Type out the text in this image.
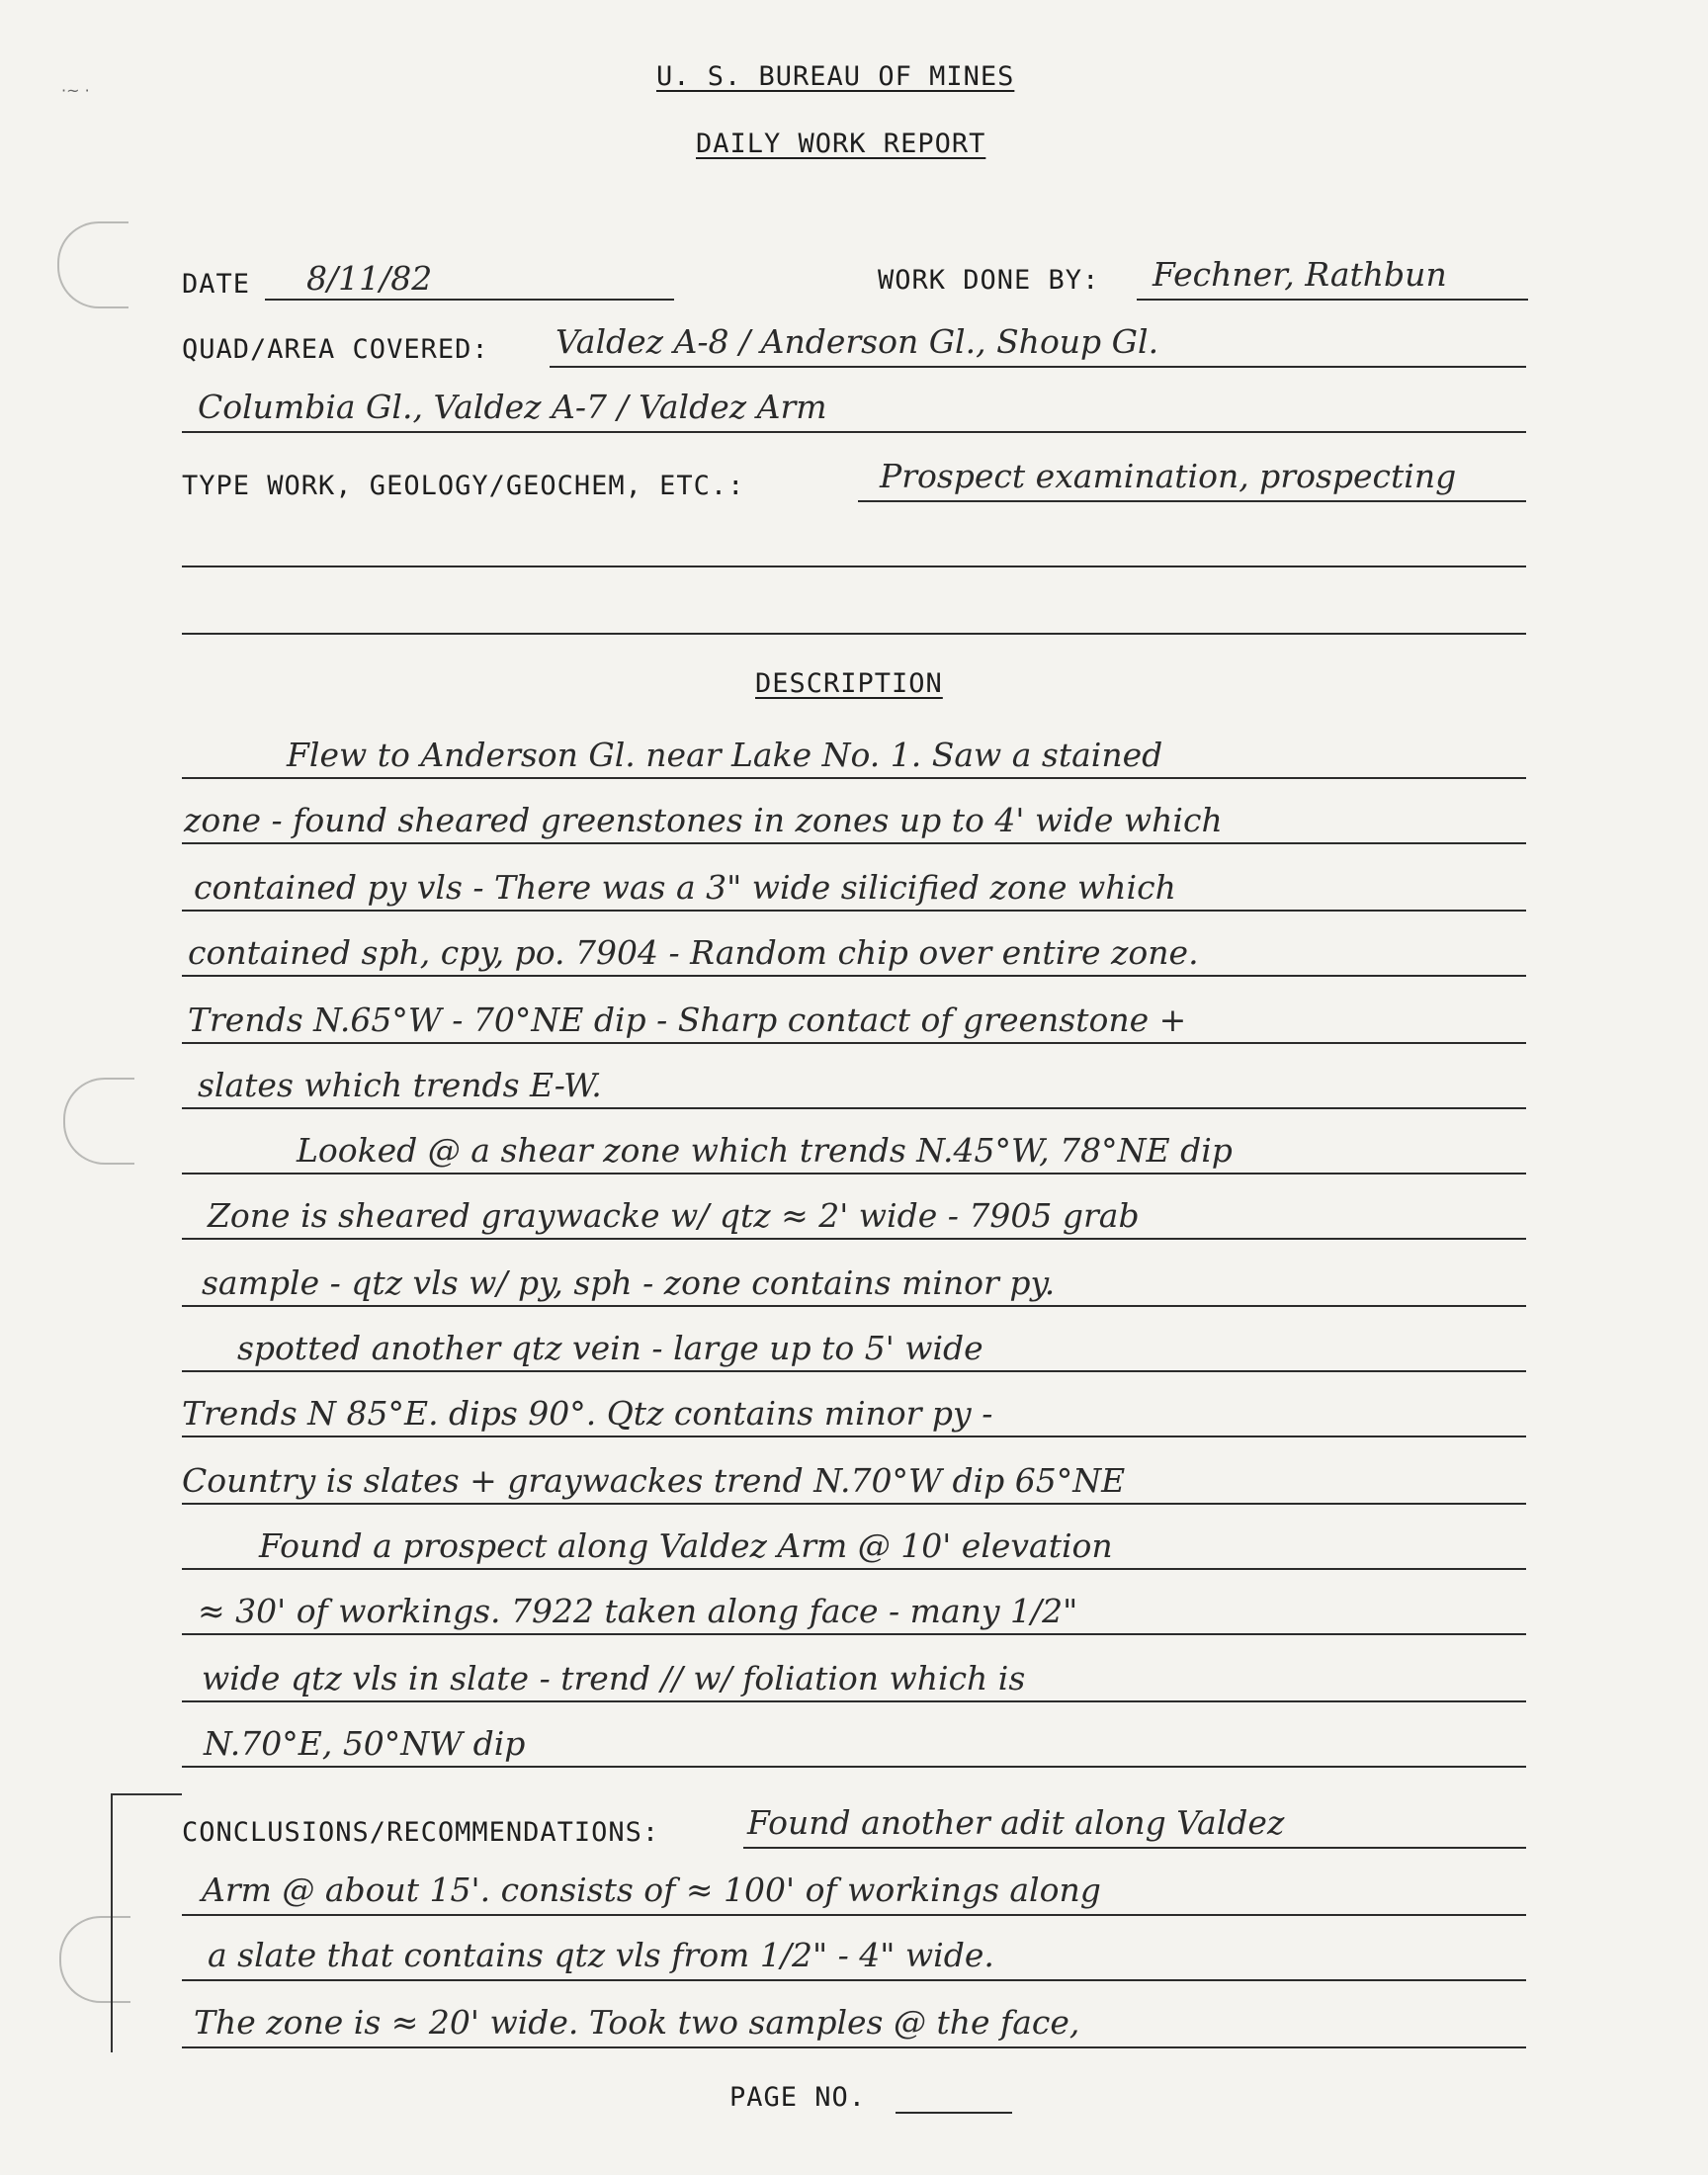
·~ ·	U. S. BUREAU OF MINES
DAILY WORK REPORT
DATE 8/11/82	WORK DONE BY: Fechner, Rathbun
QUAD/AREA COVERED: Valdez A-8 / Anderson Gl., Shoup Gl.
Columbia Gl., Valdez A-7 / Valdez Arm
TYPE WORK, GEOLOGY/GEOCHEM, ETC.:	Prospect examination, prospecting
DESCRIPTION
Flew to Anderson Gl. near Lake No. 1. Saw a stained
zone - found sheared greenstones in zones up to 4' wide which
contained py vls - There was a 3" wide silicified zone which
contained sph, cpy, po. 7904 - Random chip over entire zone.
Trends N.65°W - 70°NE dip - Sharp contact of greenstone +
slates which trends E-W.
Looked @ a shear zone which trends N.45°W, 78°NE dip
Zone is sheared graywacke w/ qtz ≈ 2' wide - 7905 grab
sample - qtz vls w/ py, sph - zone contains minor py.
spotted another qtz vein - large up to 5' wide
Trends N 85°E. dips 90°. Qtz contains minor py -
Country is slates + graywackes trend N.70°W dip 65°NE
Found a prospect along Valdez Arm @ 10' elevation
≈ 30' of workings. 7922 taken along face - many 1/2"
wide qtz vls in slate - trend // w/ foliation which is
N.70°E, 50°NW dip
CONCLUSIONS/RECOMMENDATIONS:	Found another adit along Valdez
Arm @ about 15'. consists of ≈ 100' of workings along
a slate that contains qtz vls from 1/2" - 4" wide.
The zone is ≈ 20' wide. Took two samples @ the face,
PAGE NO.
